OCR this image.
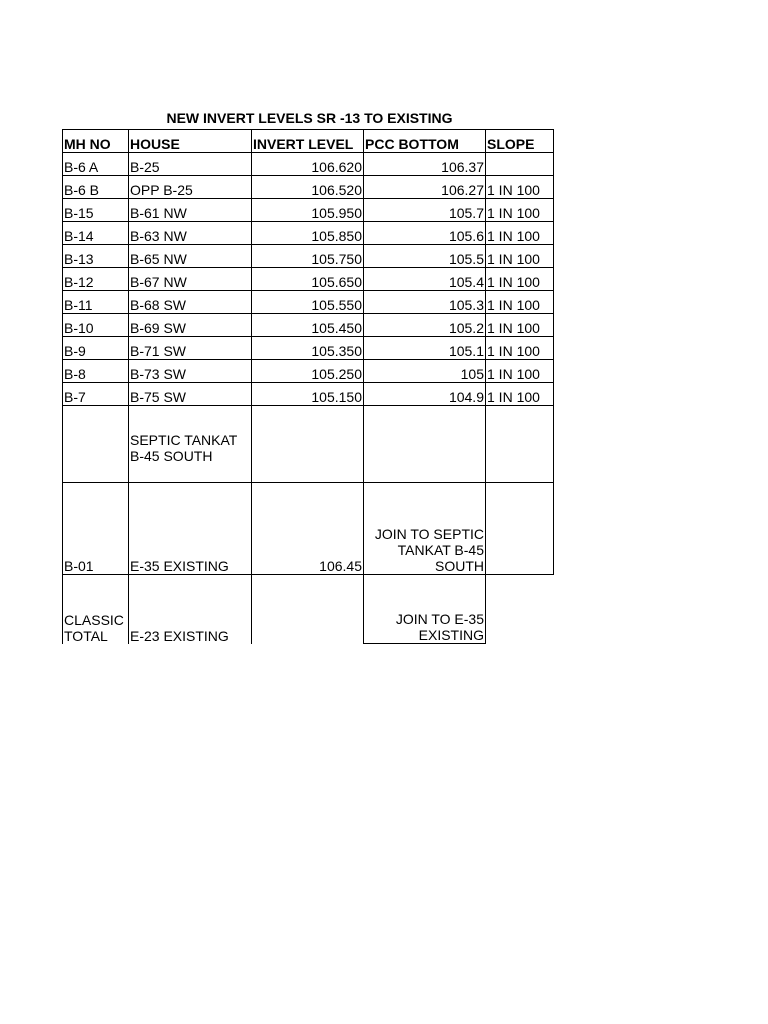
NEW INVERT LEVELS SR -13 TO EXISTING
MH NO	HOUSE	INVERT LEVEL	PCC BOTTOM	SLOPE
B-6 A	B-25	106.620	106.37	
B-6 B	OPP B-25	106.520	106.27	1 IN 100
B-15	B-61 NW	105.950	105.7	1 IN 100
B-14	B-63 NW	105.850	105.6	1 IN 100
B-13	B-65 NW	105.750	105.5	1 IN 100
B-12	B-67 NW	105.650	105.4	1 IN 100
B-11	B-68 SW	105.550	105.3	1 IN 100
B-10	B-69 SW	105.450	105.2	1 IN 100
B-9	B-71 SW	105.350	105.1	1 IN 100
B-8	B-73 SW	105.250	105	1 IN 100
B-7	B-75 SW	105.150	104.9	1 IN 100
	SEPTIC TANKAT B-45 SOUTH			
B-01	E-35 EXISTING	106.45	JOIN TO SEPTIC TANKAT B-45 SOUTH	
CLASSIC TOTAL	E-23 EXISTING		JOIN TO E-35 EXISTING	
